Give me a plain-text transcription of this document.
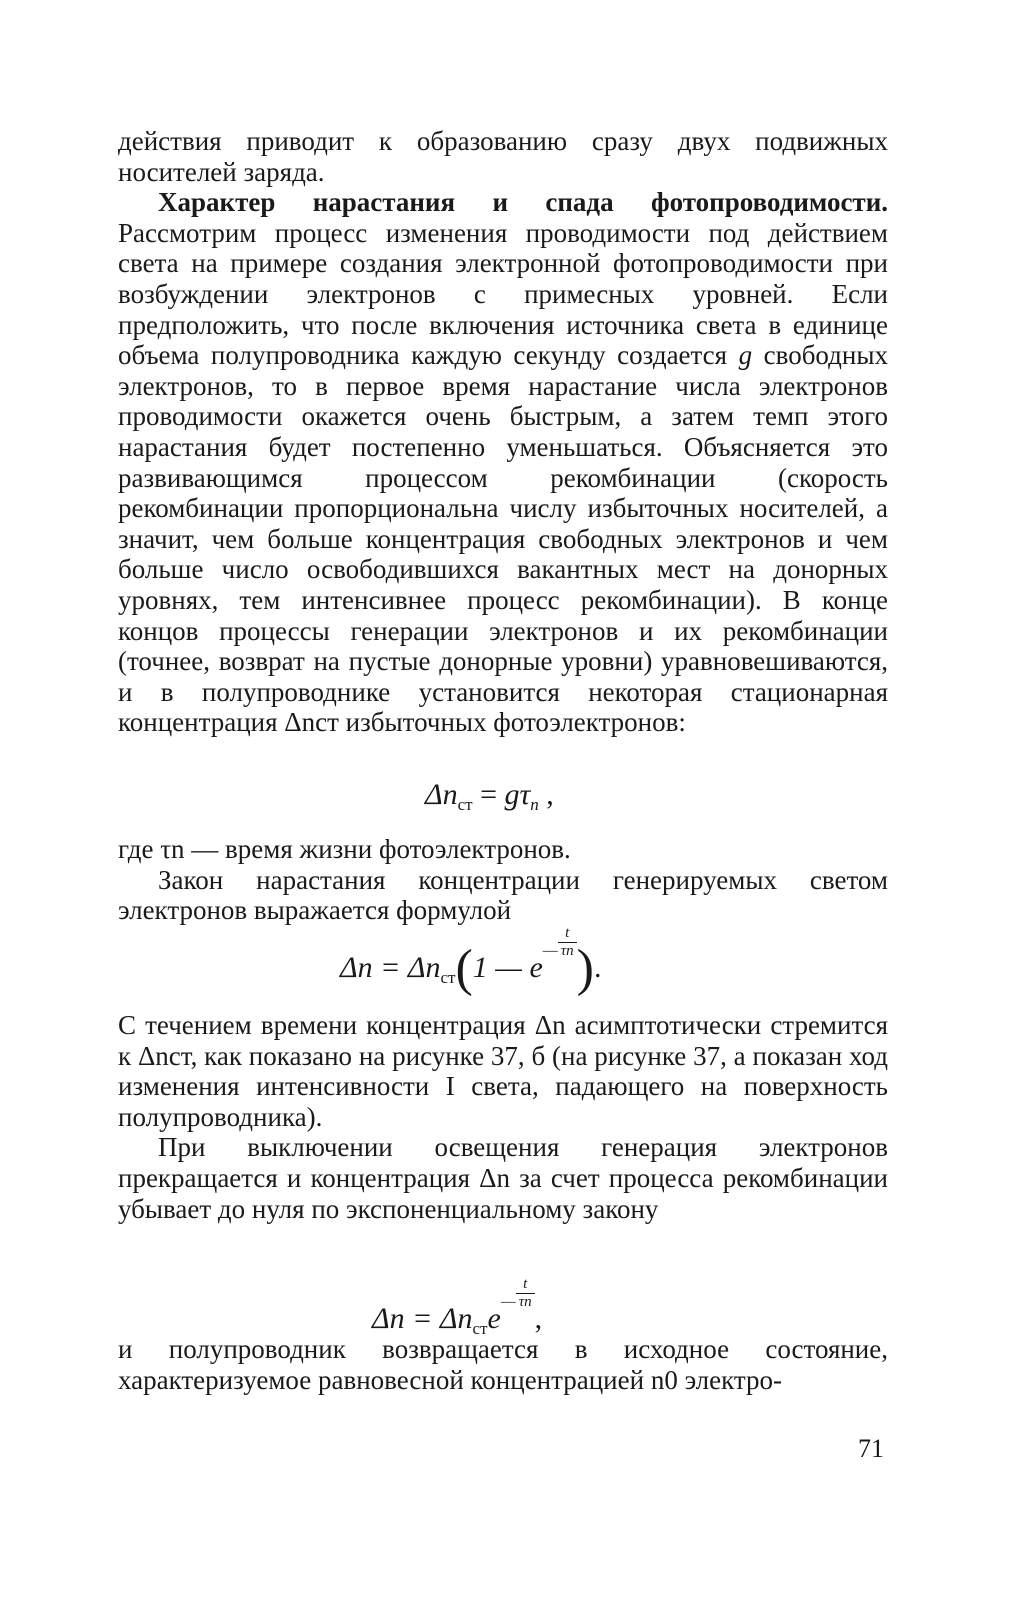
действия приводит к образованию сразу двух подвижных носителей заряда.

Характер нарастания и спада фотопроводимости. Рассмотрим процесс изменения проводимости под действием света на примере создания электронной фотопроводимости при возбуждении электронов с примесных уровней. Если предположить, что после включения источника света в единице объема полупроводника каждую секунду создается g свободных электронов, то в первое время нарастание числа электронов проводимости окажется очень быстрым, а затем темп этого нарастания будет постепенно уменьшаться. Объясняется это развивающимся процессом рекомбинации (скорость рекомбинации пропорциональна числу избыточных носителей, а значит, чем больше концентрация свободных электронов и чем больше число освободившихся вакантных мест на донорных уровнях, тем интенсивнее процесс рекомбинации). В конце концов процессы генерации электронов и их рекомбинации (точнее, возврат на пустые донорные уровни) уравновешиваются, и в полупроводнике установится некоторая стационарная концентрация Δnст избыточных фотоэлектронов:

$\Delta n_{ст} = g\tau_n$ ,

где τn — время жизни фотоэлектронов.

Закон нарастания концентрации генерируемых светом электронов выражается формулой

$\Delta n = \Delta n_{ст}(1$ — $e^— \frac{t}{\tau n}$ ).

С течением времени концентрация Δn асимптотически стремится к Δnст, как показано на рисунке 37, б (на рисунке 37, а показан ход изменения интенсивности I света, падающего на поверхность полупроводника).

При выключении освещения генерация электронов прекращается и концентрация Δn за счет процесса рекомбинации убывает до нуля по экспоненциальному закону

$\Delta n = \Delta n_{ст}e^— \frac{t}{\tau n}$
,

и полупроводник возвращается в исходное состояние, характеризуемое равновесной концентрацией n0 электро-

71
